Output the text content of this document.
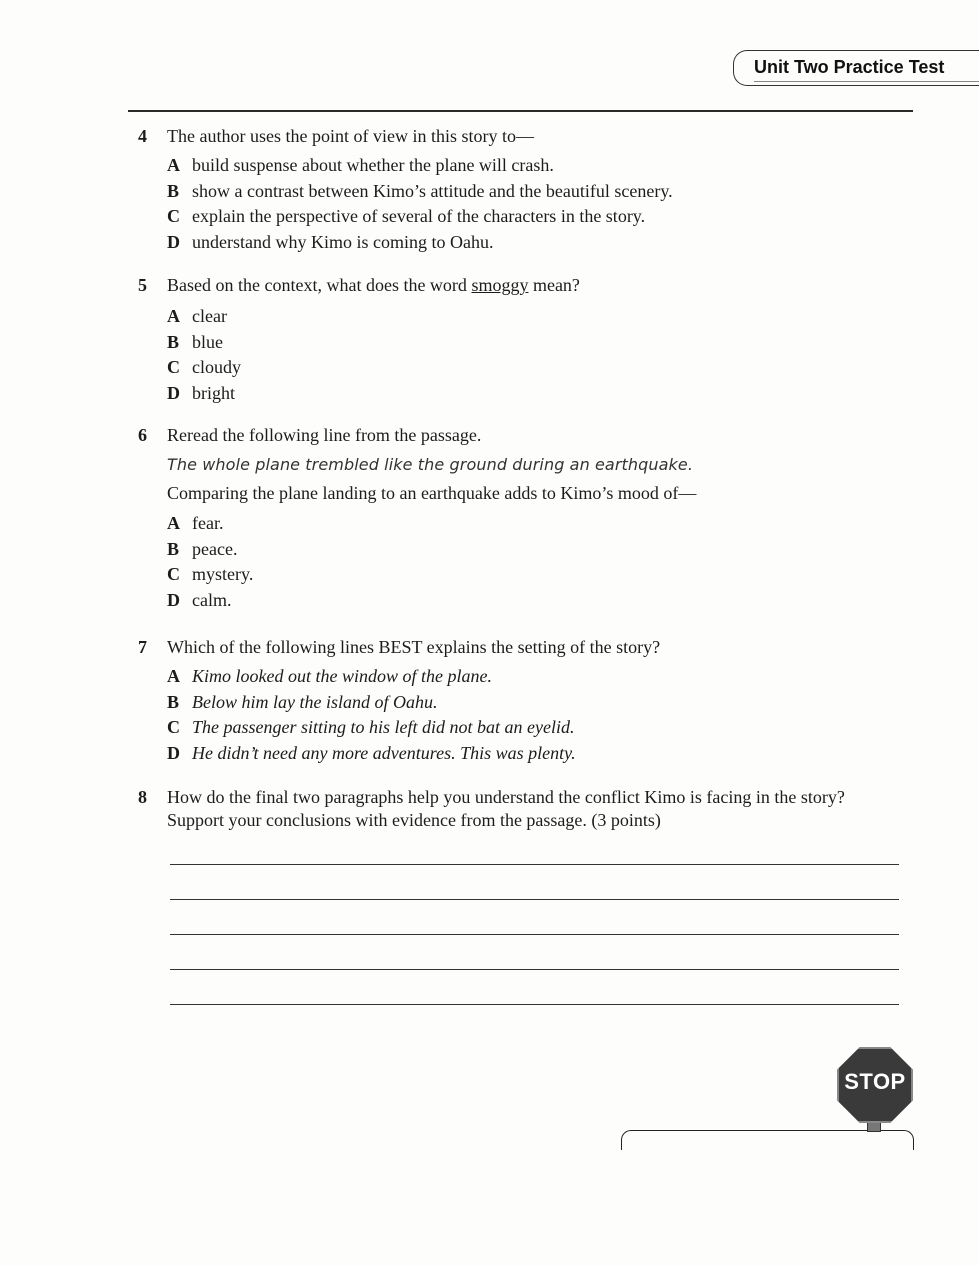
Unit Two Practice Test
4 The author uses the point of view in this story to—
A build suspense about whether the plane will crash.
B show a contrast between Kimo’s attitude and the beautiful scenery.
C explain the perspective of several of the characters in the story.
D understand why Kimo is coming to Oahu.
5 Based on the context, what does the word smoggy mean?
A clear
B blue
C cloudy
D bright
6 Reread the following line from the passage.
The whole plane trembled like the ground during an earthquake.
Comparing the plane landing to an earthquake adds to Kimo’s mood of—
A fear.
B peace.
C mystery.
D calm.
7 Which of the following lines BEST explains the setting of the story?
A Kimo looked out the window of the plane.
B Below him lay the island of Oahu.
C The passenger sitting to his left did not bat an eyelid.
D He didn’t need any more adventures. This was plenty.
8 How do the final two paragraphs help you understand the conflict Kimo is facing in the story? Support your conclusions with evidence from the passage. (3 points)
STOP
